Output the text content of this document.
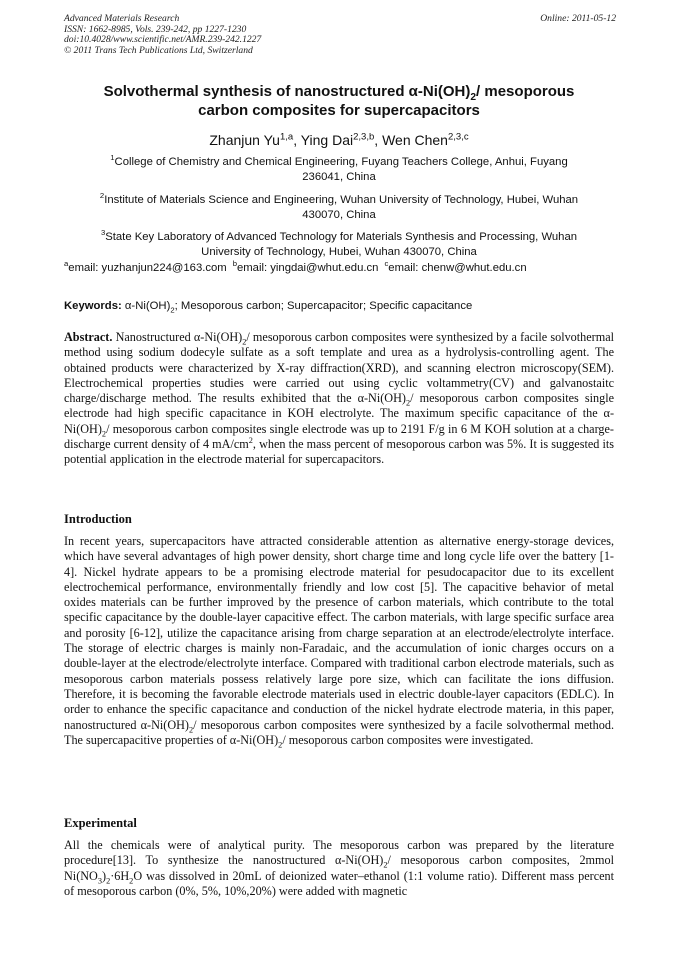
Advanced Materials Research
ISSN: 1662-8985, Vols. 239-242, pp 1227-1230
doi:10.4028/www.scientific.net/AMR.239-242.1227
© 2011 Trans Tech Publications Ltd, Switzerland
Online: 2011-05-12
Solvothermal synthesis of nanostructured $\alpha-Ni(OH)_2/$ mesoporous
carbon composites for supercapacitors
Zhanjun Yu$^{1,a}$, Ying Dai$^{2,3,b}$, Wen Chen$^{2,3,c}$
$^1$College of Chemistry and Chemical Engineering, Fuyang Teachers College, Anhui, Fuyang
236041, China
$^2$Institute of Materials Science and Engineering, Wuhan University of Technology, Hubei, Wuhan
430070, China
$^3$State Key Laboratory of Advanced Technology for Materials Synthesis and Processing, Wuhan
University of Technology, Hubei, Wuhan 430070, China
$^a$email: yuzhanjun224@163.com $^b$email: yingdai@whut.edu.cn $^c$email: chenw@whut.edu.cn
Keywords: $\alpha-Ni(OH)_2$; Mesoporous carbon; Supercapacitor; Specific capacitance
Abstract. Nanostructured $\alpha-Ni(OH)_2/$ mesoporous carbon composites were synthesized by a facile solvothermal method using sodium dodecyle sulfate as a soft template and urea as a hydrolysis-controlling agent. The obtained products were characterized by X-ray diffraction(XRD), and scanning electron microscopy(SEM). Electrochemical properties studies were carried out using cyclic voltammetry(CV) and galvanostaitc charge/discharge method. The results exhibited that the $\alpha-Ni(OH)_2/$ mesoporous carbon composites single electrode had high specific capacitance in KOH electrolyte. The maximum specific capacitance of the $\alpha-Ni(OH)_2/$ mesoporous carbon composites single electrode was up to 2191 F/g in 6 M KOH solution at a charge-discharge current density of 4 $mA/cm^2$, when the mass percent of mesoporous carbon was 5%. It is suggested its potential application in the electrode material for supercapacitors.
Introduction
In recent years, supercapacitors have attracted considerable attention as alternative energy-storage devices, which have several advantages of high power density, short charge time and long cycle life over the battery [1-4]. Nickel hydrate appears to be a promising electrode material for pesudocapacitor due to its excellent electrochemical performance, environmentally friendly and low cost [5]. The capacitive behavior of metal oxides materials can be further improved by the presence of carbon materials, which contribute to the total specific capacitance by the double-layer capacitive effect. The carbon materials, with large specific surface area and porosity [6-12], utilize the capacitance arising from charge separation at an electrode/electrolyte interface. The storage of electric charges is mainly non-Faradaic, and the accumulation of ionic charges occurs on a double-layer at the electrode/electrolyte interface. Compared with traditional carbon electrode materials, such as mesoporous carbon materials possess relatively large pore size, which can facilitate the ions diffusion. Therefore, it is becoming the favorable electrode materials used in electric double-layer capacitors (EDLC). In order to enhance the specific capacitance and conduction of the nickel hydrate electrode materia, in this paper, nanostructured $\alpha-Ni(OH)_2/$ mesoporous carbon composites were synthesized by a facile solvothermal method. The supercapacitive properties of $\alpha-Ni(OH)_2/$ mesoporous carbon composites were investigated.
Experimental
All the chemicals were of analytical purity. The mesoporous carbon was prepared by the literature procedure[13]. To synthesize the nanostructured $\alpha-Ni(OH)_2/$ mesoporous carbon composites, 2mmol $Ni(NO_3)_2\cdot 6H_2O$ was dissolved in 20mL of deionized water–ethanol (1:1 volume ratio). Different mass percent of mesoporous carbon (0%, 5%, 10%,20%) were added with magnetic
